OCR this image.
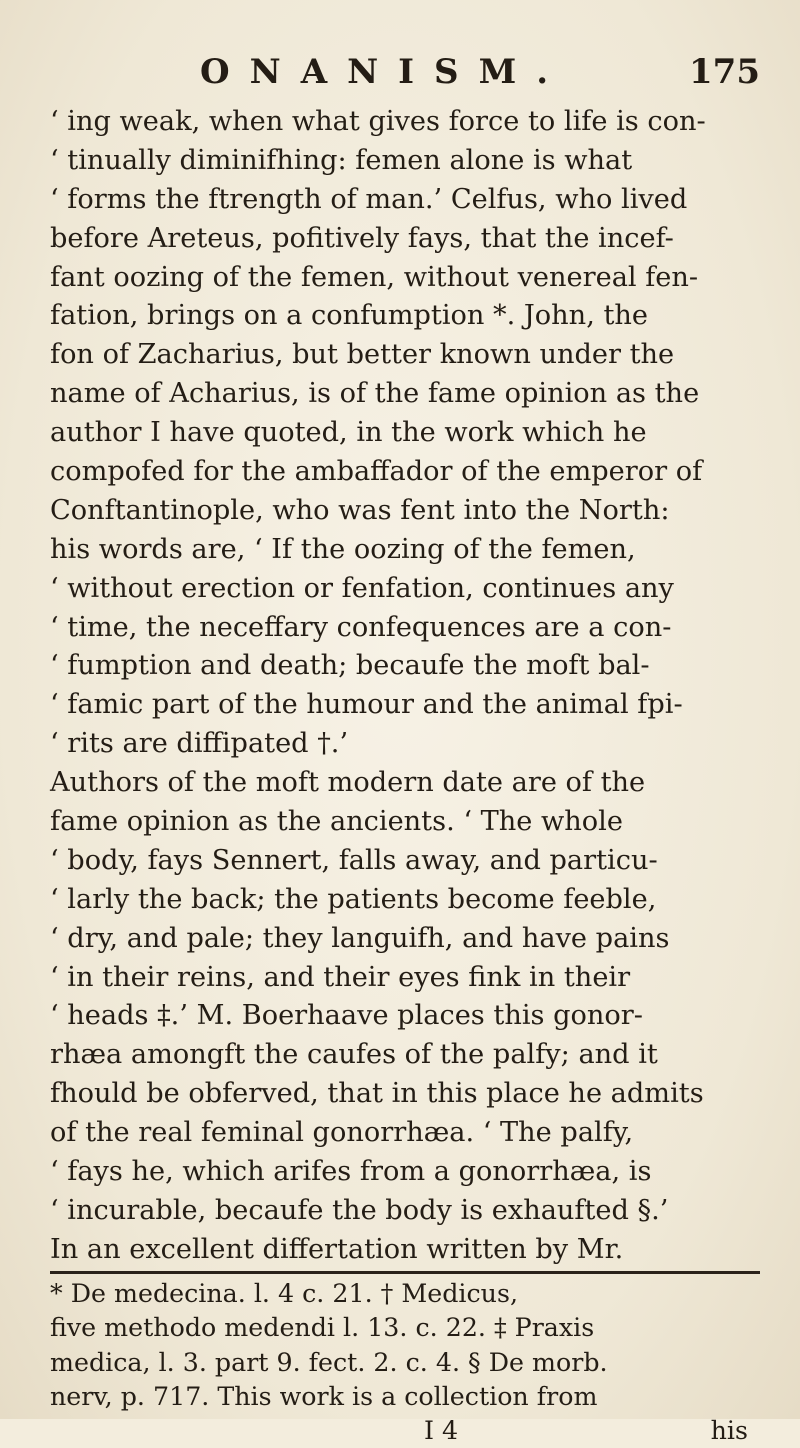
ONANISM.	175
‘ ing weak, when what gives force to life is con-
‘ tinually diminifhing: femen alone is what
‘ forms the ftrength of man.’ Celfus, who lived
before Areteus, pofitively fays, that the incef-
fant oozing of the femen, without venereal fen-
fation, brings on a confumption *. John, the
fon of Zacharius, but better known under the
name of Acharius, is of the fame opinion as the
author I have quoted, in the work which he
compofed for the ambaffador of the emperor of
Conftantinople, who was fent into the North:
his words are, ‘ If the oozing of the femen,
‘ without erection or fenfation, continues any
‘ time, the neceffary confequences are a con-
‘ fumption and death; becaufe the moft bal-
‘ famic part of the humour and the animal fpi-
‘ rits are diffipated †.’
Authors of the moft modern date are of the
fame opinion as the ancients. ‘ The whole
‘ body, fays Sennert, falls away, and particu-
‘ larly the back; the patients become feeble,
‘ dry, and pale; they languifh, and have pains
‘ in their reins, and their eyes fink in their
‘ heads ‡.’ M. Boerhaave places this gonor-
rhæa amongft the caufes of the palfy; and it
fhould be obferved, that in this place he admits
of the real feminal gonorrhæa. ‘ The palfy,
‘ fays he, which arifes from a gonorrhæa, is
‘ incurable, becaufe the body is exhaufted §.’
In an excellent differtation written by Mr.
* De medecina. l. 4 c. 21. † Medicus,
five methodo medendi l. 13. c. 22. ‡ Praxis
medica, l. 3. part 9. fect. 2. c. 4. § De morb.
nerv, p. 717. This work is a collection from
I 4	his
